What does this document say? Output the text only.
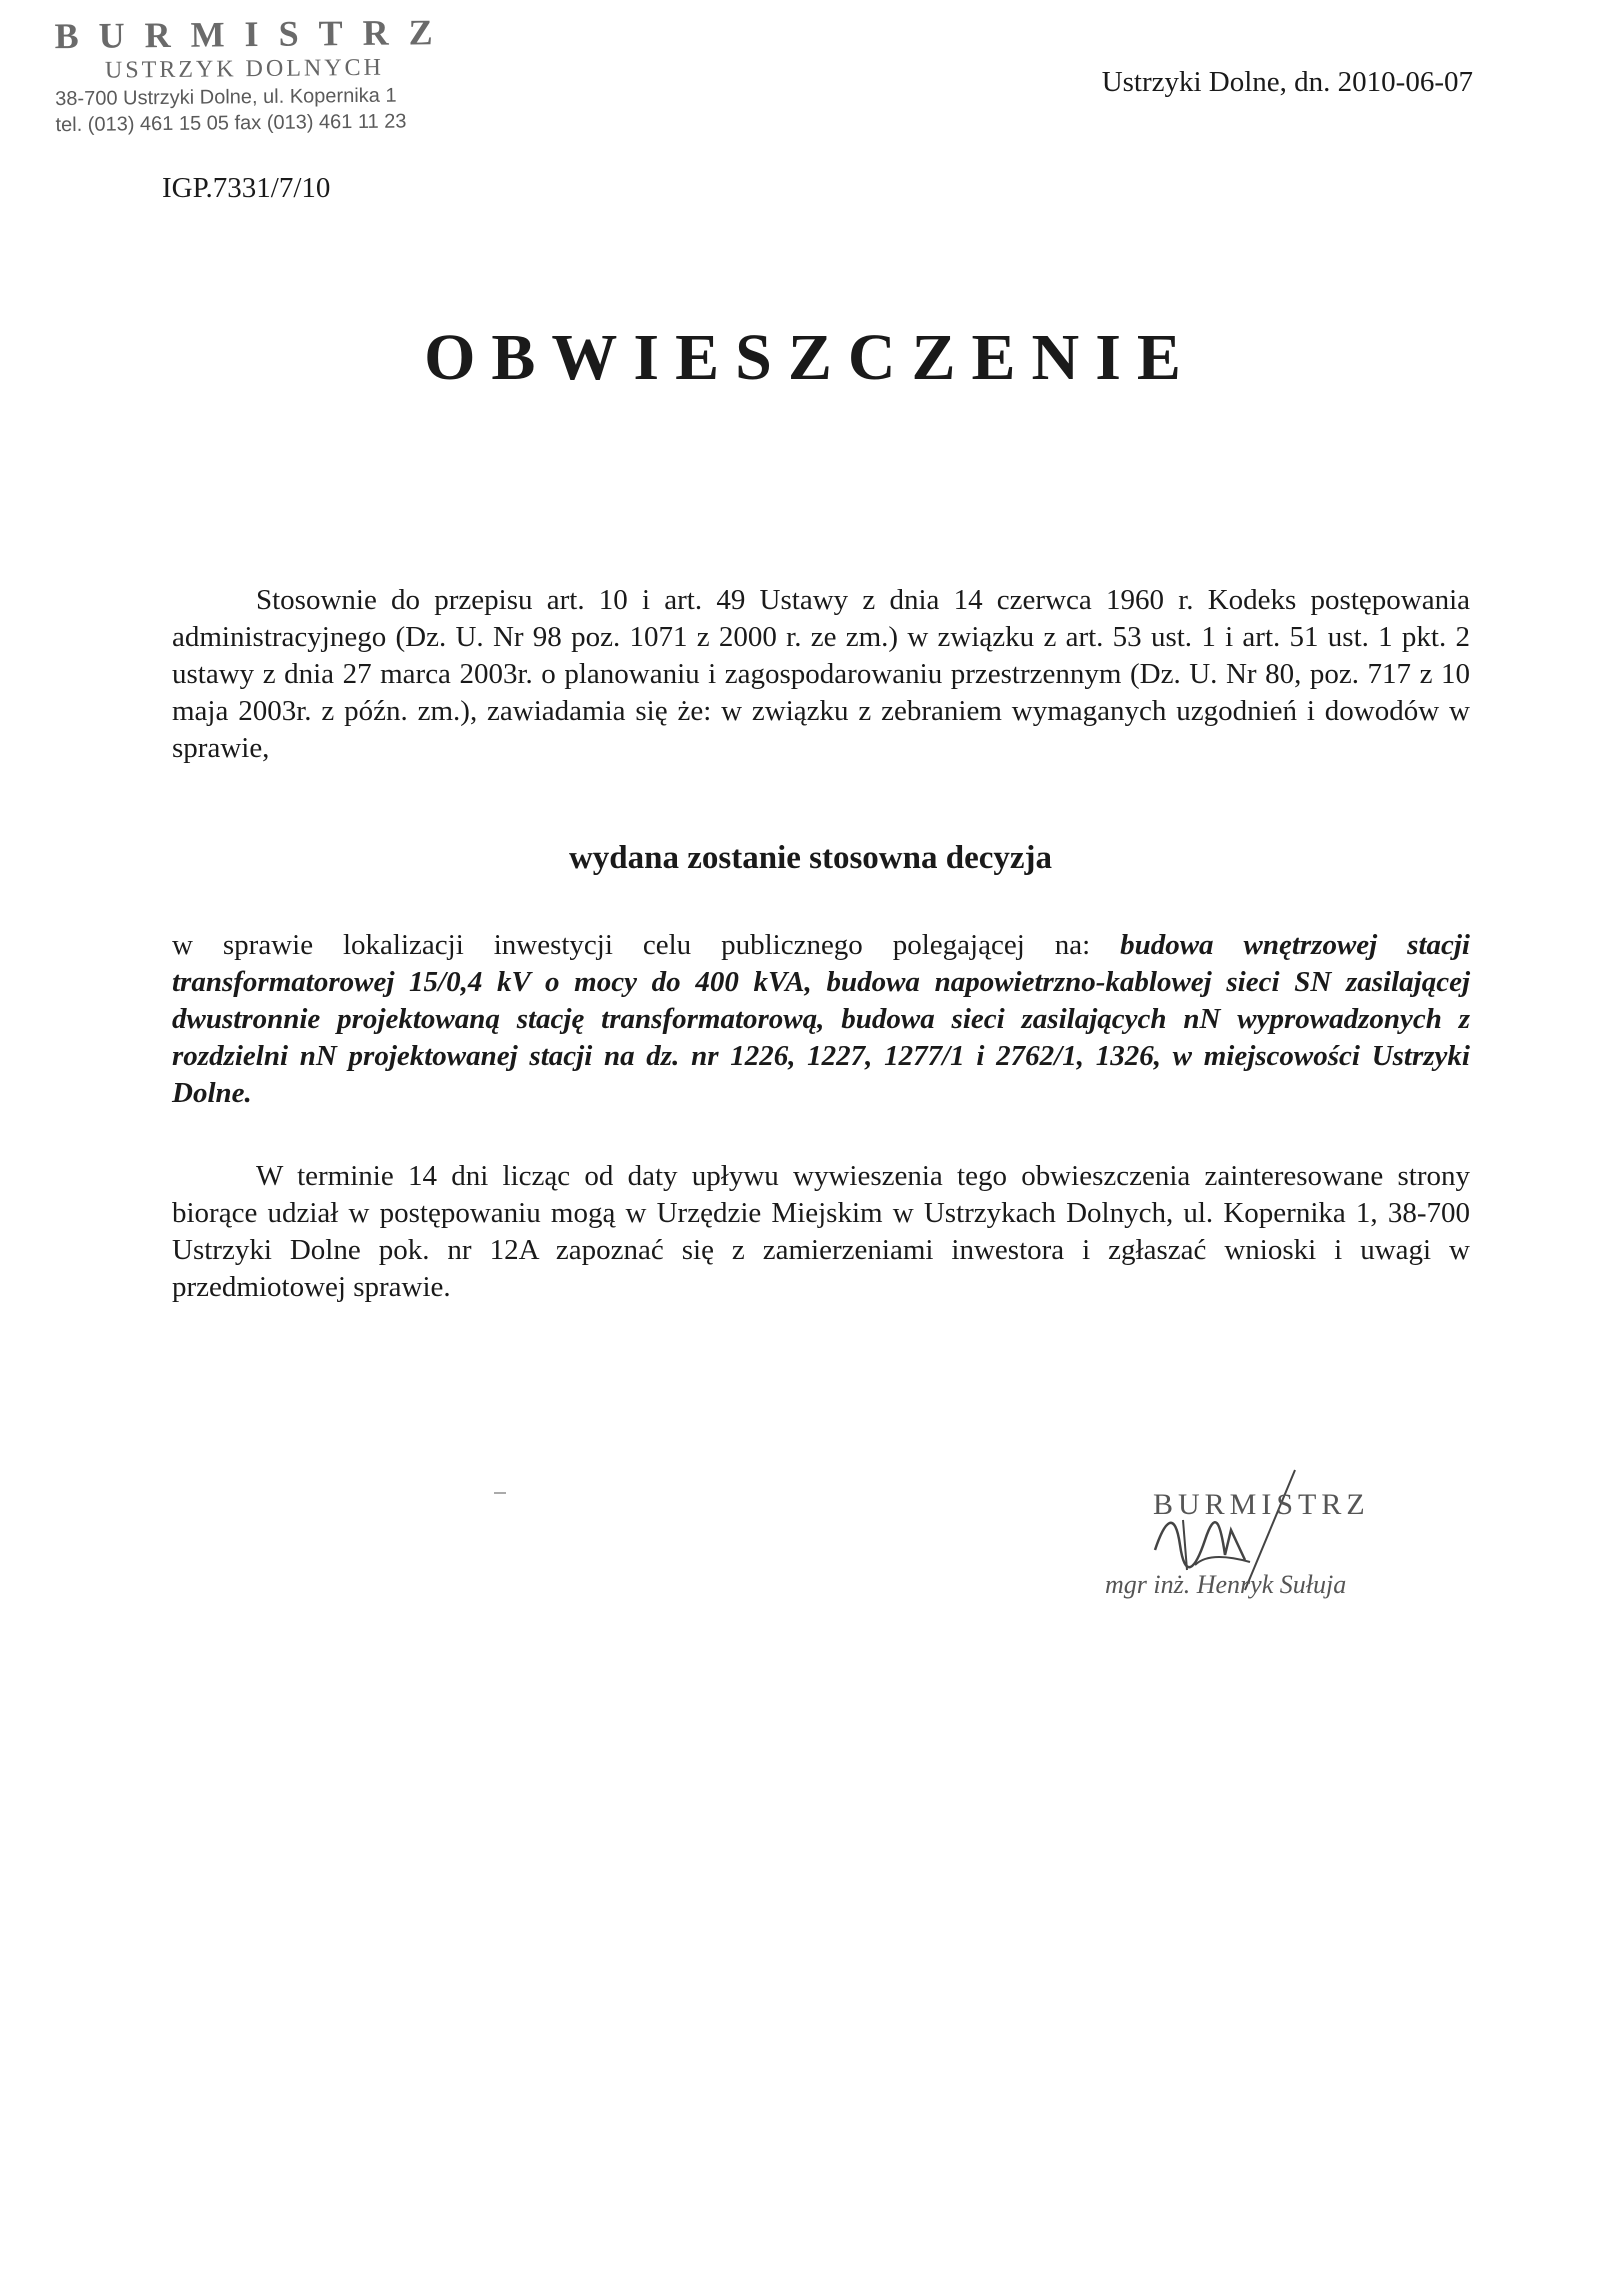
BURMISTRZ
USTRZYK DOLNYCH
38-700 Ustrzyki Dolne, ul. Kopernika 1
tel. (013) 461 15 05 fax (013) 461 11 23
Ustrzyki Dolne, dn. 2010-06-07
IGP.7331/7/10
OBWIESZCZENIE
Stosownie do przepisu art. 10 i art. 49 Ustawy z dnia 14 czerwca 1960 r. Kodeks postępowania administracyjnego (Dz. U. Nr 98 poz. 1071 z 2000 r. ze zm.) w związku z art. 53 ust. 1 i art. 51 ust. 1 pkt. 2 ustawy z dnia 27 marca 2003r. o planowaniu i zagospodarowaniu przestrzennym (Dz. U. Nr 80, poz. 717 z 10 maja 2003r. z późn. zm.), zawiadamia się że: w związku z zebraniem wymaganych uzgodnień i dowodów w sprawie,
wydana zostanie stosowna decyzja
w sprawie lokalizacji inwestycji celu publicznego polegającej na: budowa wnętrzowej stacji transformatorowej 15/0,4 kV o mocy do 400 kVA, budowa napowietrzno-kablowej sieci SN zasilającej dwustronnie projektowaną stację transformatorową, budowa sieci zasilających nN wyprowadzonych z rozdzielni nN projektowanej stacji na dz. nr 1226, 1227, 1277/1 i 2762/1, 1326, w miejscowości Ustrzyki Dolne.
W terminie 14 dni licząc od daty upływu wywieszenia tego obwieszczenia zainteresowane strony biorące udział w postępowaniu mogą w Urzędzie Miejskim w Ustrzykach Dolnych, ul. Kopernika 1, 38-700 Ustrzyki Dolne pok. nr 12A zapoznać się z zamierzeniami inwestora i zgłaszać wnioski i uwagi w przedmiotowej sprawie.
BURMISTRZ
mgr inż. Henryk Sułuja
